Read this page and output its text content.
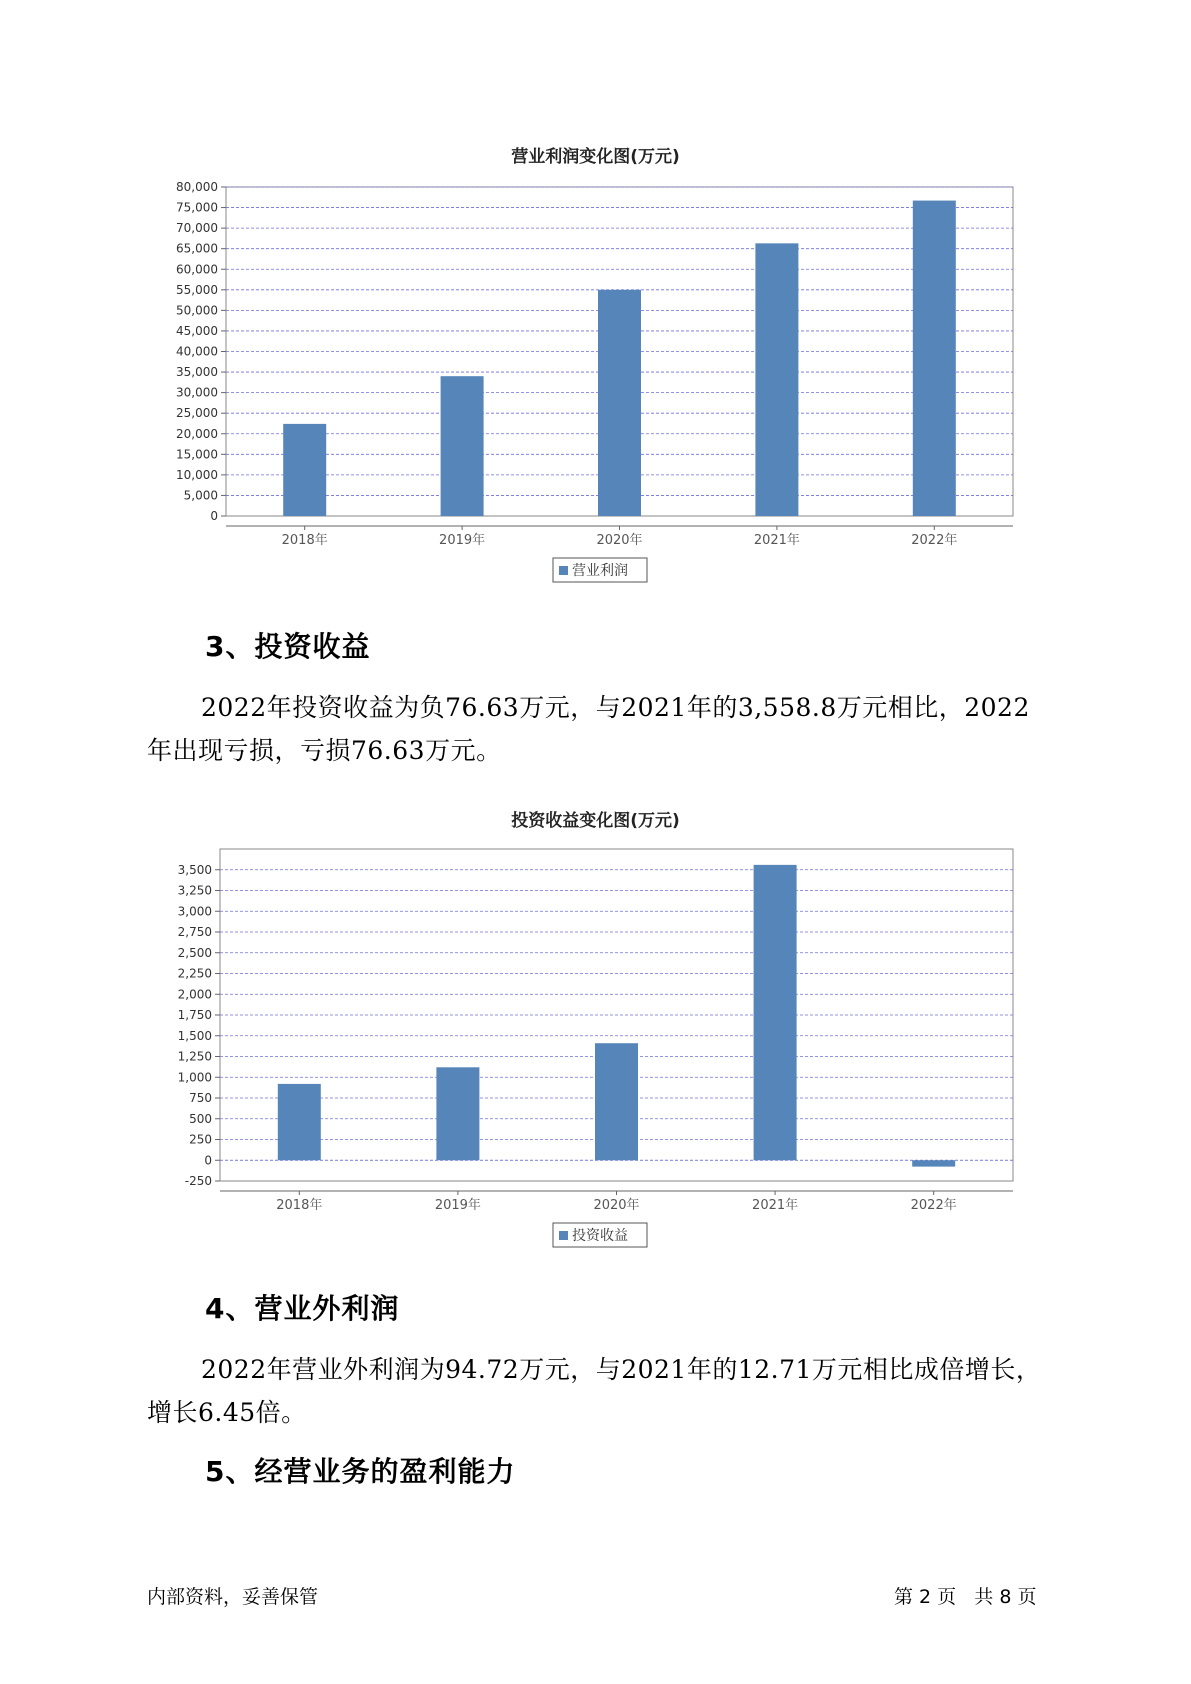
营业利润变化图(万元)
0
5,000
10,000
15,000
20,000
25,000
30,000
35,000
40,000
45,000
50,000
55,000
60,000
65,000
70,000
75,000
80,000
2018年	2019年	2020年	2021年	2022年
营业利润
3、投资收益
2022年投资收益为负76.63万元，与2021年的3,558.8万元相比，2022
年出现亏损，亏损76.63万元。
投资收益变化图(万元)
-250
0
250
500
750
1,000
1,250
1,500
1,750
2,000
2,250
2,500
2,750
3,000
3,250
3,500
2018年	2019年	2020年	2021年	2022年
投资收益
4、营业外利润
2022年营业外利润为94.72万元，与2021年的12.71万元相比成倍增长，
增长6.45倍。
5、经营业务的盈利能力
内部资料，妥善保管	第 2 页   共 8 页
